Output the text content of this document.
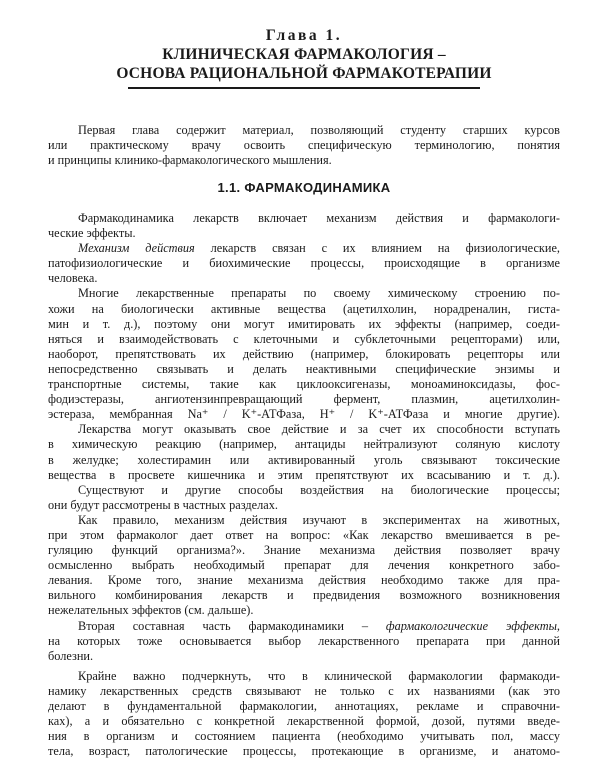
Глава 1.
КЛИНИЧЕСКАЯ ФАРМАКОЛОГИЯ –
ОСНОВА РАЦИОНАЛЬНОЙ ФАРМАКОТЕРАПИИ
Первая глава содержит материал, позволяющий студенту старших курсов
или практическому врачу освоить специфическую терминологию, понятия
и принципы клинико-фармакологического мышления.
1.1. ФАРМАКОДИНАМИКА
Фармакодинамика лекарств включает механизм действия и фармакологи-
ческие эффекты.
Механизм действия лекарств связан с их влиянием на физиологические,
патофизиологические и биохимические процессы, происходящие в организме
человека.
Многие лекарственные препараты по своему химическому строению по-
хожи на биологически активные вещества (ацетилхолин, норадреналин, гиста-
мин и т. д.), поэтому они могут имитировать их эффекты (например, соеди-
няться и взаимодействовать с клеточными и субклеточными рецепторами) или,
наоборот, препятствовать их действию (например, блокировать рецепторы или
непосредственно связывать и делать неактивными специфические энзимы и
транспортные системы, такие как циклооксигеназы, моноаминоксидазы, фос-
фодиэстеразы, ангиотензинпревращающий фермент, плазмин, ацетилхолин-
эстераза, мембранная Na⁺ / K⁺-АТФаза, H⁺ / K⁺-АТФаза и многие другие).
Лекарства могут оказывать свое действие и за счет их способности вступать
в химическую реакцию (например, антациды нейтрализуют соляную кислоту
в желудке; холестирамин или активированный уголь связывают токсические
вещества в просвете кишечника и этим препятствуют их всасыванию и т. д.).
Существуют и другие способы воздействия на биологические процессы;
они будут рассмотрены в частных разделах.
Как правило, механизм действия изучают в экспериментах на животных,
при этом фармаколог дает ответ на вопрос: «Как лекарство вмешивается в ре-
гуляцию функций организма?». Знание механизма действия позволяет врачу
осмысленно выбрать необходимый препарат для лечения конкретного забо-
левания. Кроме того, знание механизма действия необходимо также для пра-
вильного комбинирования лекарств и предвидения возможного возникновения
нежелательных эффектов (см. дальше).
Вторая составная часть фармакодинамики – фармакологические эффекты,
на которых тоже основывается выбор лекарственного препарата при данной
болезни.
Крайне важно подчеркнуть, что в клинической фармакологии фармакоди-
намику лекарственных средств связывают не только с их названиями (как это
делают в фундаментальной фармакологии, аннотациях, рекламе и справочни-
ках), а и обязательно с конкретной лекарственной формой, дозой, путями введе-
ния в организм и состоянием пациента (необходимо учитывать пол, массу
тела, возраст, патологические процессы, протекающие в организме, и анатомо-
